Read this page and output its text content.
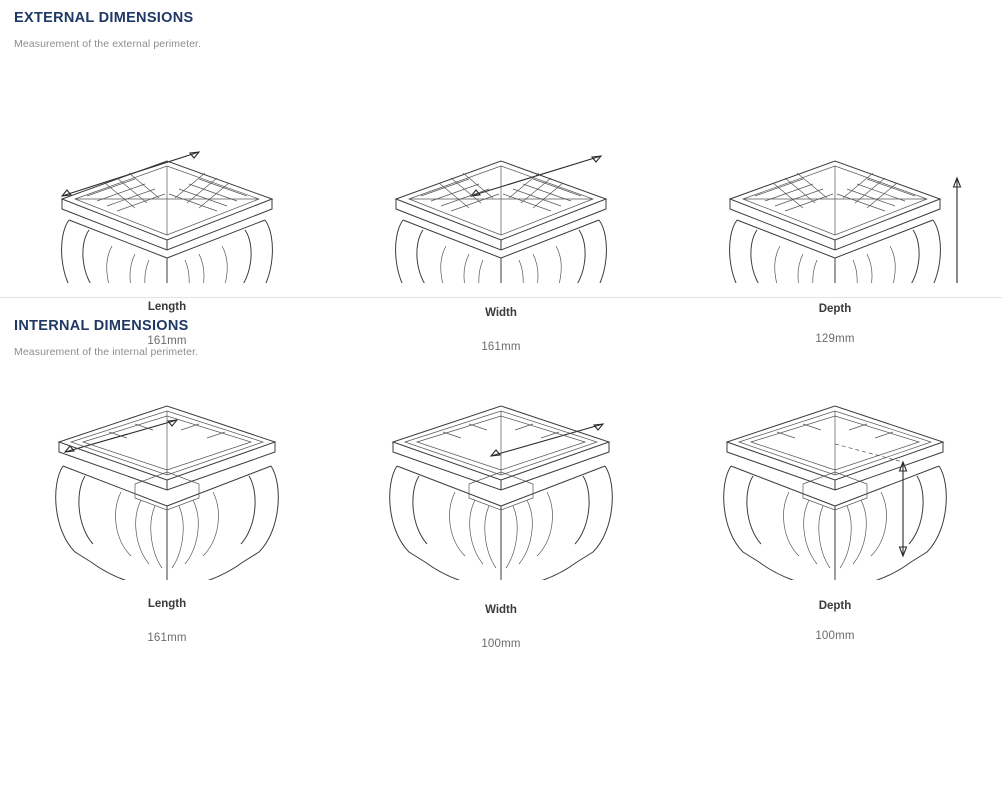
EXTERNAL DIMENSIONS
Measurement of the external perimeter.
Length
161mm
Width
161mm
Depth
129mm
INTERNAL DIMENSIONS
Measurement of the internal perimeter.
Length
161mm
Width
100mm
Depth
100mm
